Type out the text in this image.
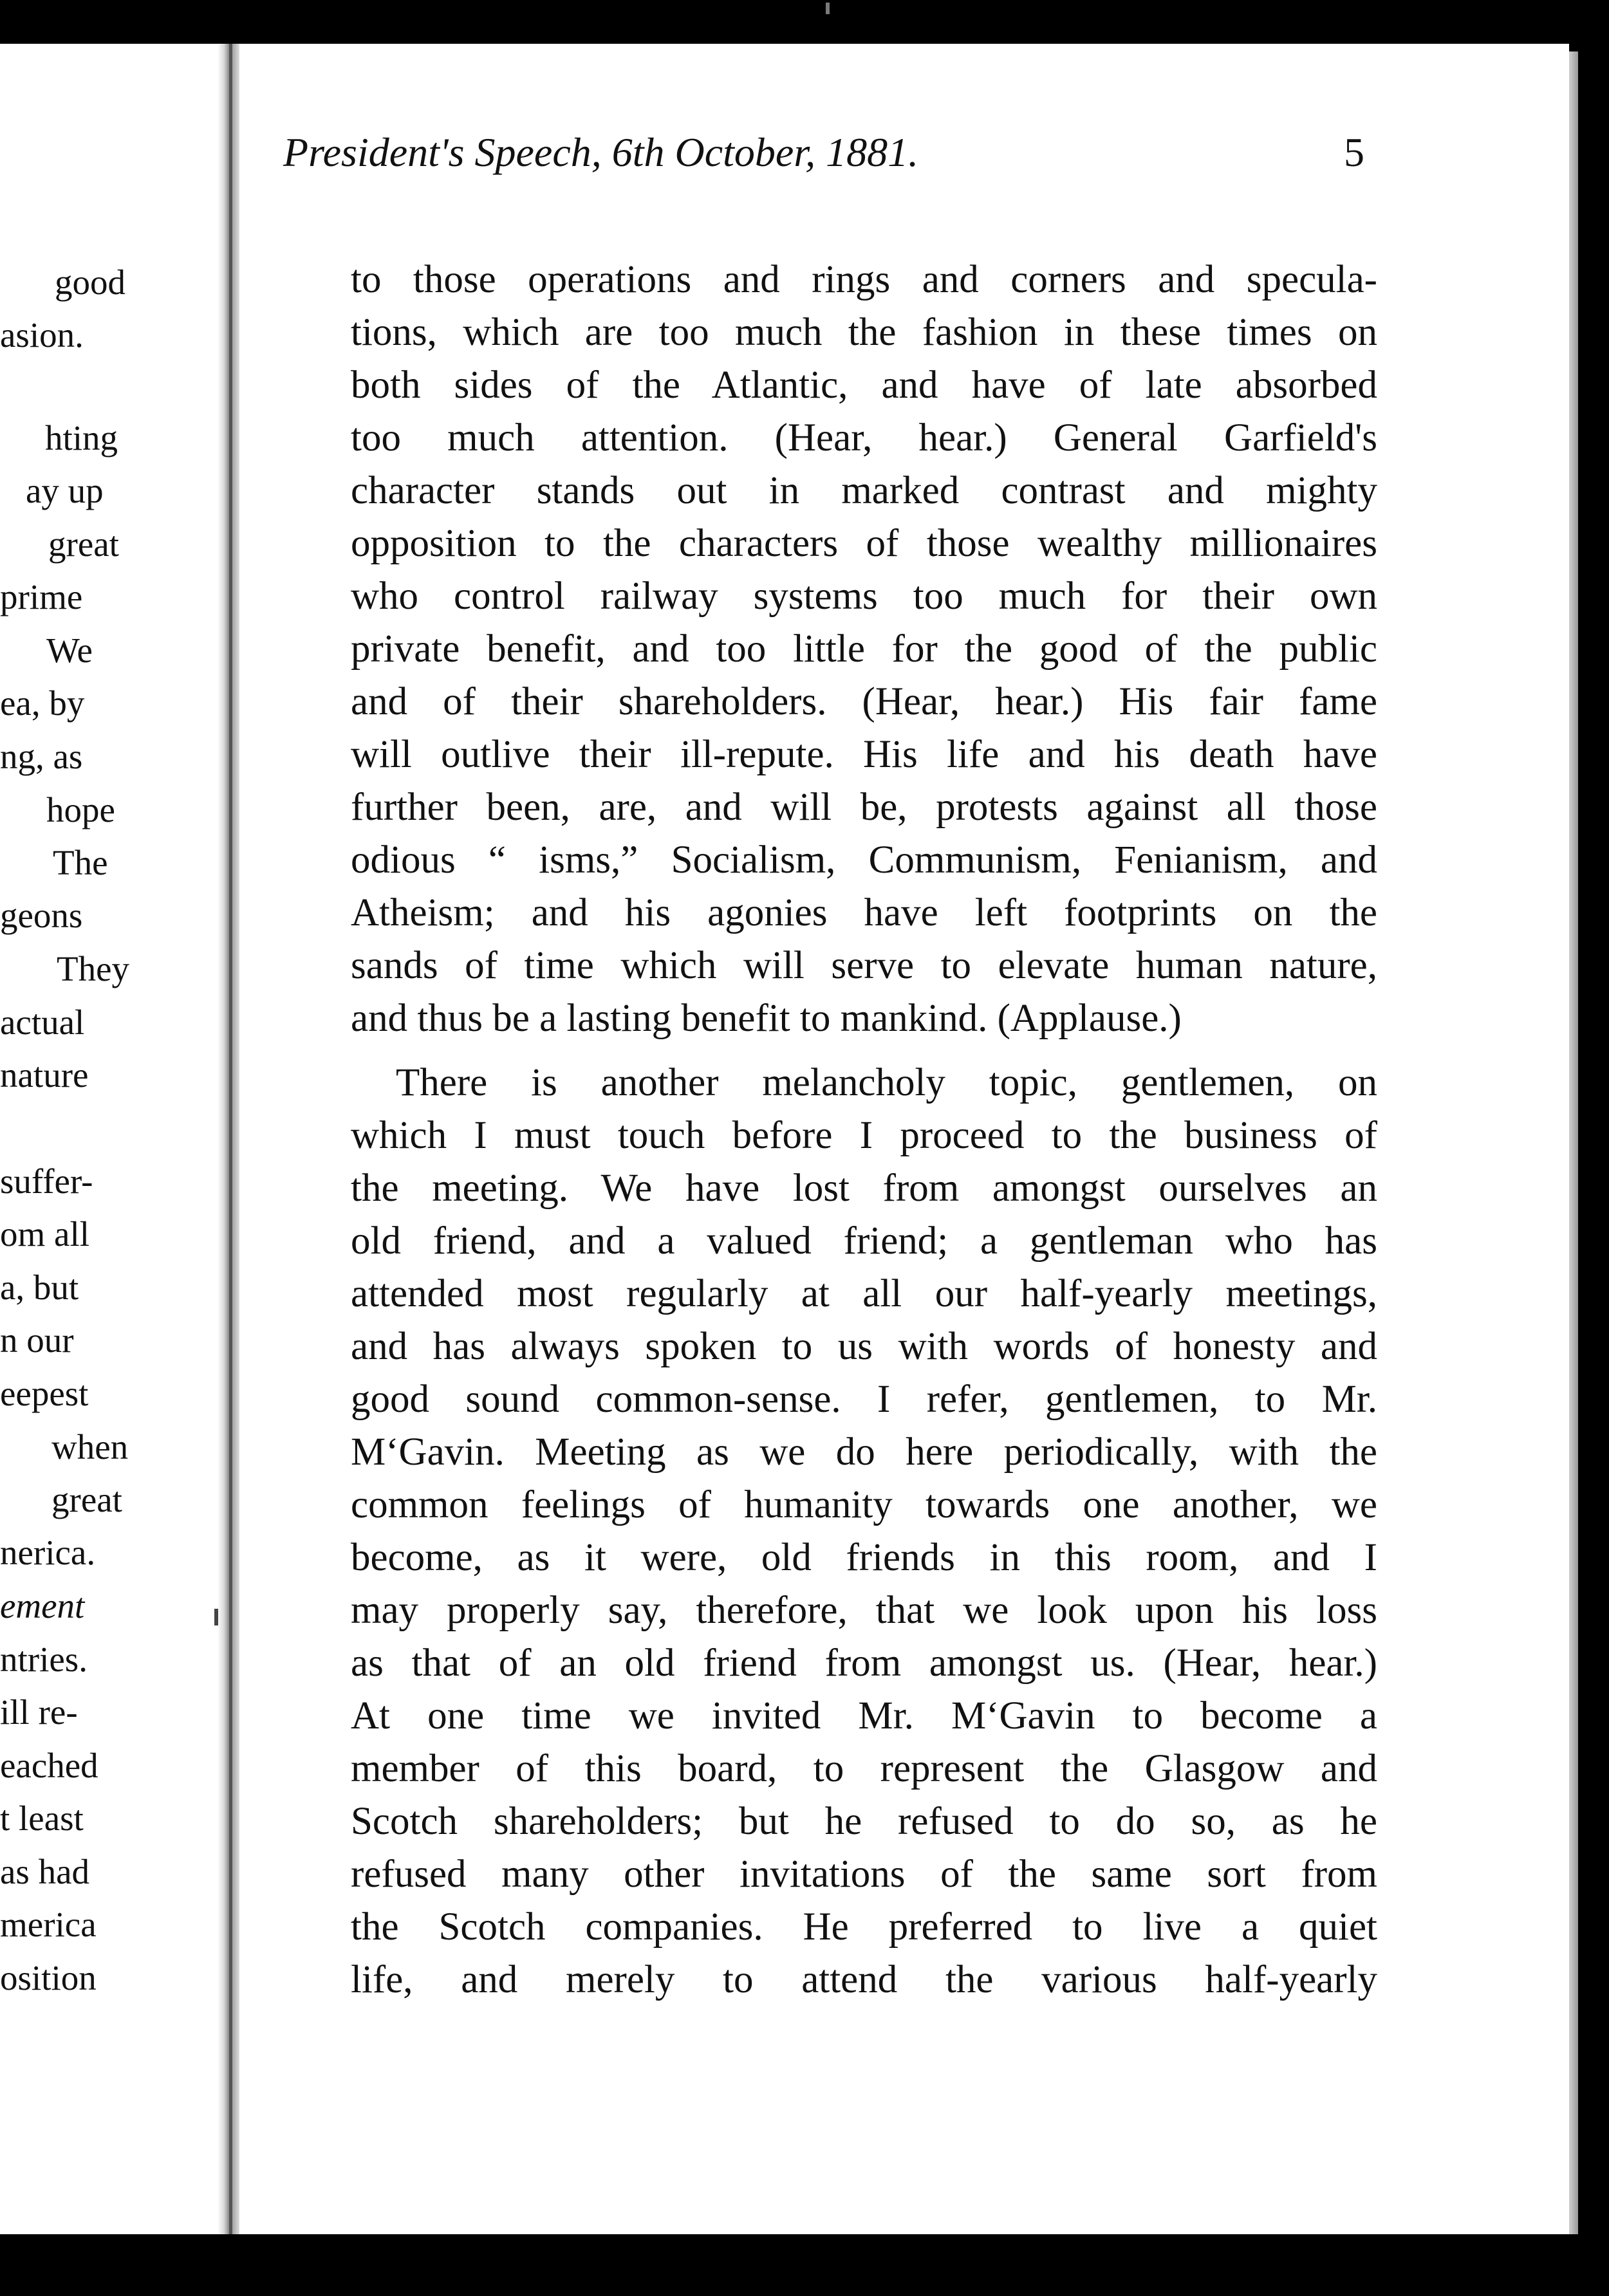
good
asion.
hting
ay up
great
prime
We
ea, by
ng, as
hope
The
geons
They
actual
nature
suffer-
om all
a, but
n our
eepest
when
great
nerica.
ement
ntries.
ill re-
eached
t least
as had
merica
osition
President's Speech, 6th October, 1881.	5
to those operations and rings and corners and specula-
tions, which are too much the fashion in these times on
both sides of the Atlantic, and have of late absorbed
too much attention. (Hear, hear.) General Garfield's
character stands out in marked contrast and mighty
opposition to the characters of those wealthy millionaires
who control railway systems too much for their own
private benefit, and too little for the good of the public
and of their shareholders. (Hear, hear.) His fair fame
will outlive their ill-repute. His life and his death have
further been, are, and will be, protests against all those
odious “ isms,” Socialism, Communism, Fenianism, and
Atheism; and his agonies have left footprints on the
sands of time which will serve to elevate human nature,
and thus be a lasting benefit to mankind. (Applause.)
There is another melancholy topic, gentlemen, on
which I must touch before I proceed to the business of
the meeting. We have lost from amongst ourselves an
old friend, and a valued friend; a gentleman who has
attended most regularly at all our half-yearly meetings,
and has always spoken to us with words of honesty and
good sound common-sense. I refer, gentlemen, to Mr.
M‘Gavin. Meeting as we do here periodically, with the
common feelings of humanity towards one another, we
become, as it were, old friends in this room, and I
may properly say, therefore, that we look upon his loss
as that of an old friend from amongst us. (Hear, hear.)
At one time we invited Mr. M‘Gavin to become a
member of this board, to represent the Glasgow and
Scotch shareholders; but he refused to do so, as he
refused many other invitations of the same sort from
the Scotch companies. He preferred to live a quiet
life, and merely to attend the various half-yearly
